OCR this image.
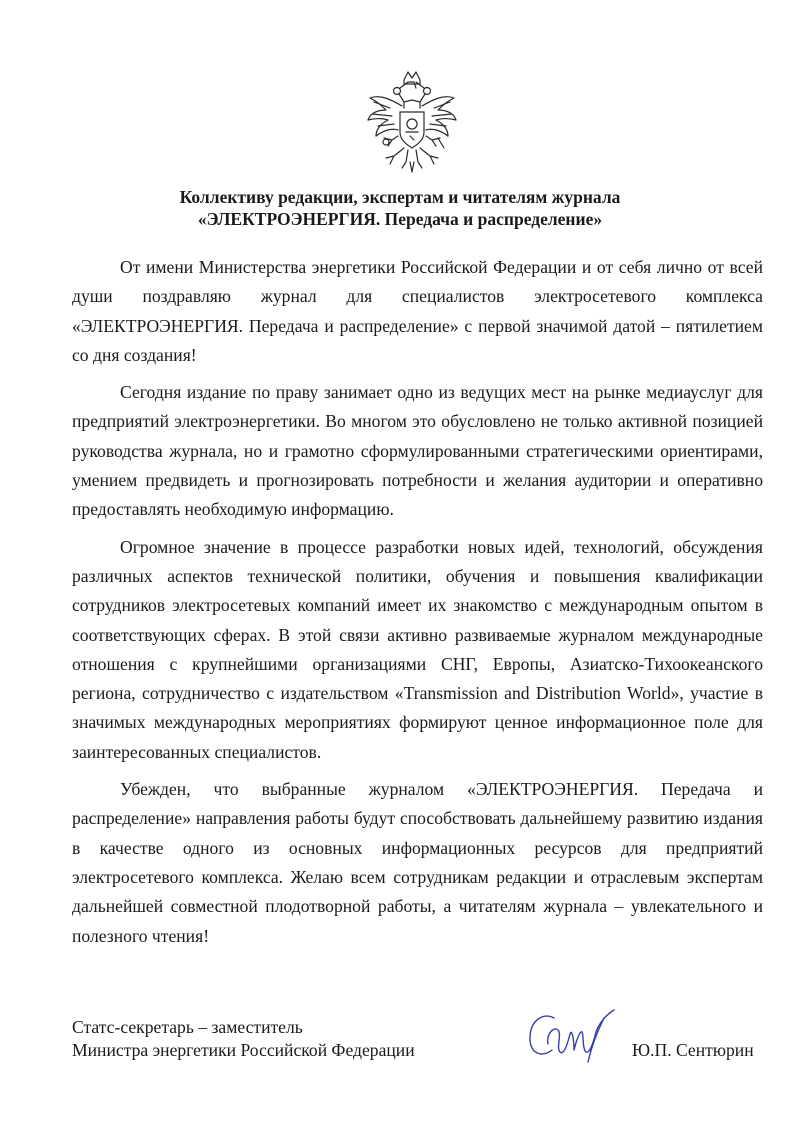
Коллективу редакции, экспертам и читателям журнала
«ЭЛЕКТРОЭНЕРГИЯ. Передача и распределение»

От имени Министерства энергетики Российской Федерации и от себя лично от всей души поздравляю журнал для специалистов электросетевого комплекса «ЭЛЕКТРОЭНЕРГИЯ. Передача и распределение» с первой значимой датой – пятилетием со дня создания!

Сегодня издание по праву занимает одно из ведущих мест на рынке медиауслуг для предприятий электроэнергетики. Во многом это обусловлено не только активной позицией руководства журнала, но и грамотно сформулированными стратегическими ориентирами, умением предвидеть и прогнозировать потребности и желания аудитории и оперативно предоставлять необходимую информацию.

Огромное значение в процессе разработки новых идей, технологий, обсуждения различных аспектов технической политики, обучения и повышения квалификации сотрудников электросетевых компаний имеет их знакомство с международным опытом в соответствующих сферах. В этой связи активно развиваемые журналом международные отношения с крупнейшими организациями СНГ, Европы, Азиатско-Тихоокеанского региона, сотрудничество с издательством «Transmission and Distribution World», участие в значимых международных мероприятиях формируют ценное информационное поле для заинтересованных специалистов.

Убежден, что выбранные журналом «ЭЛЕКТРОЭНЕРГИЯ. Передача и распределение» направления работы будут способствовать дальнейшему развитию издания в качестве одного из основных информационных ресурсов для предприятий электросетевого комплекса. Желаю всем сотрудникам редакции и отраслевым экспертам дальнейшей совместной плодотворной работы, а читателям журнала – увлекательного и полезного чтения!

Статс-секретарь – заместитель
Министра энергетики Российской Федерации	Ю.П. Сентюрин
